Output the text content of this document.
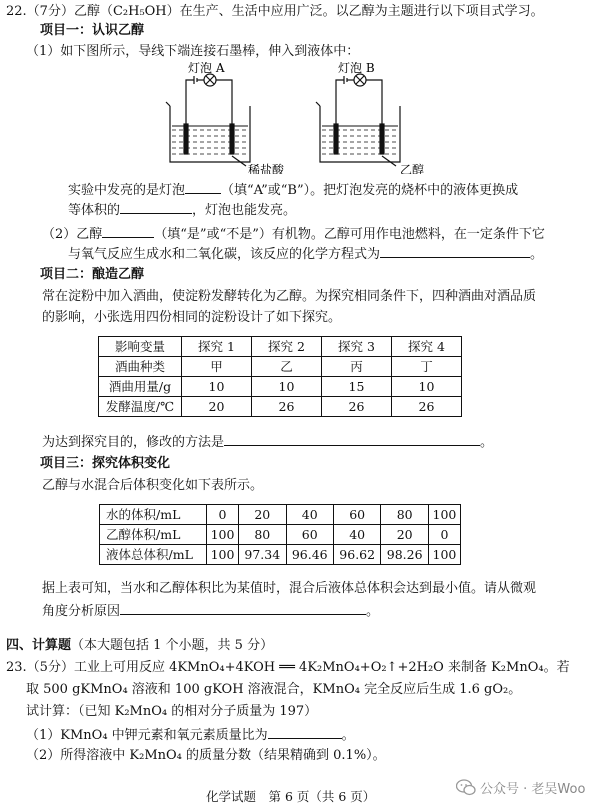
22.（7分）乙醇（C₂H₅OH）在生产、生活中应用广泛。以乙醇为主题进行以下项目式学习。
项目一：认识乙醇
（1）如下图所示，导线下端连接石墨棒，伸入到液体中：
灯泡 A
稀盐酸
灯泡 B
乙醇
实验中发亮的是灯泡	（填“A”或“B”）。把灯泡发亮的烧杯中的液体更换成
等体积的	，灯泡也能发亮。
（2）乙醇	（填“是”或“不是”）有机物。乙醇可用作电池燃料，在一定条件下它
与氧气反应生成水和二氧化碳，该反应的化学方程式为	。
项目二：酿造乙醇
常在淀粉中加入酒曲，使淀粉发酵转化为乙醇。为探究相同条件下，四种酒曲对酒品质
的影响，小张选用四份相同的淀粉设计了如下探究。
影响变量	探究 1	探究 2	探究 3	探究 4
酒曲种类	甲	乙	丙	丁
酒曲用量/g	10	10	15	10
发酵温度/℃	20	26	26	26
为达到探究目的，修改的方法是	。
项目三：探究体积变化
乙醇与水混合后体积变化如下表所示。
水的体积/mL	0	20	40	60	80	100
乙醇体积/mL	100	80	60	40	20	0
液体总体积/mL	100	97.34	96.46	96.62	98.26	100
据上表可知，当水和乙醇体积比为某值时，混合后液体总体积会达到最小值。请从微观
角度分析原因	。
四、计算题（本大题包括 1 个小题，共 5 分）
23.（5分）工业上可用反应 4KMnO₄+4KOH ══ 4K₂MnO₄+O₂↑+2H₂O 来制备 K₂MnO₄。若
取 500 gKMnO₄ 溶液和 100 gKOH 溶液混合，KMnO₄ 完全反应后生成 1.6 gO₂。
试计算：（已知 K₂MnO₄ 的相对分子质量为 197）
（1）KMnO₄ 中钾元素和氧元素质量比为	。
（2）所得溶液中 K₂MnO₄ 的质量分数（结果精确到 0.1%）。
化学试题　第 6 页（共 6 页）	公众号 · 老吴Woo
